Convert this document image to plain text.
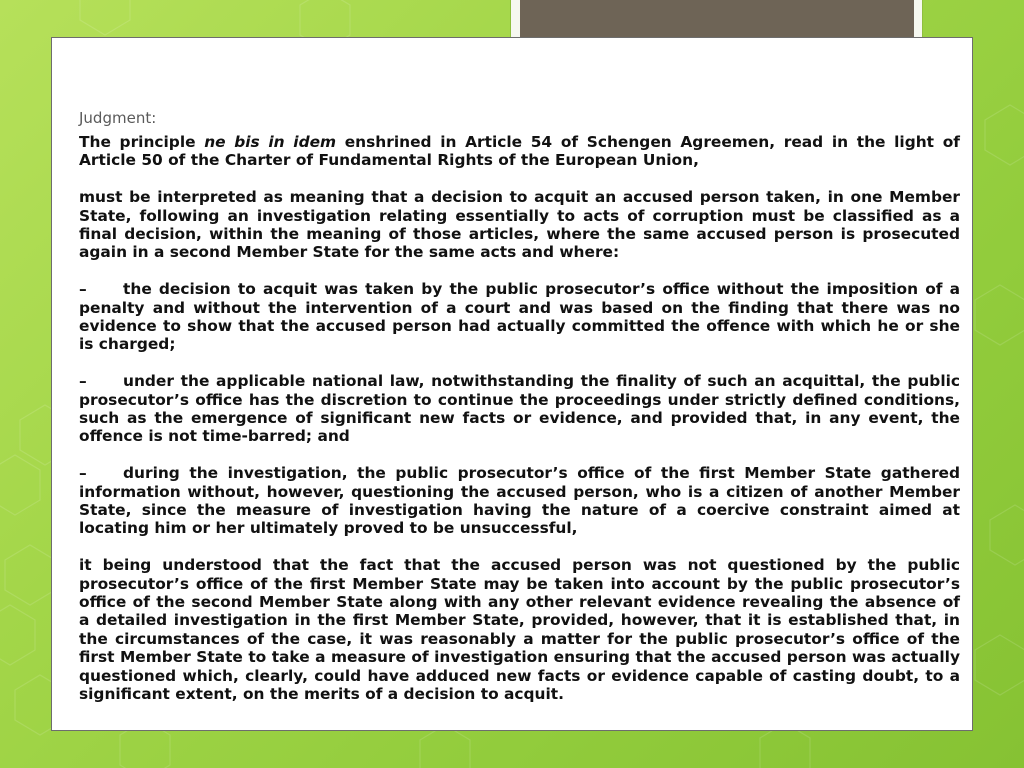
Judgment:

The principle ne bis in idem enshrined in Article 54 of Schengen Agreemen, read in the light of Article 50 of the Charter of Fundamental Rights of the European Union,

must be interpreted as meaning that a decision to acquit an accused person taken, in one Member State, following an investigation relating essentially to acts of corruption must be classified as a final decision, within the meaning of those articles, where the same accused person is prosecuted again in a second Member State for the same acts and where:

– the decision to acquit was taken by the public prosecutor’s office without the imposition of a penalty and without the intervention of a court and was based on the finding that there was no evidence to show that the accused person had actually committed the offence with which he or she is charged;

– under the applicable national law, notwithstanding the finality of such an acquittal, the public prosecutor’s office has the discretion to continue the proceedings under strictly defined conditions, such as the emergence of significant new facts or evidence, and provided that, in any event, the offence is not time-barred; and

– during the investigation, the public prosecutor’s office of the first Member State gathered information without, however, questioning the accused person, who is a citizen of another Member State, since the measure of investigation having the nature of a coercive constraint aimed at locating him or her ultimately proved to be unsuccessful,

it being understood that the fact that the accused person was not questioned by the public prosecutor’s office of the first Member State may be taken into account by the public prosecutor’s office of the second Member State along with any other relevant evidence revealing the absence of a detailed investigation in the first Member State, provided, however, that it is established that, in the circumstances of the case, it was reasonably a matter for the public prosecutor’s office of the first Member State to take a measure of investigation ensuring that the accused person was actually questioned which, clearly, could have adduced new facts or evidence capable of casting doubt, to a significant extent, on the merits of a decision to acquit.
